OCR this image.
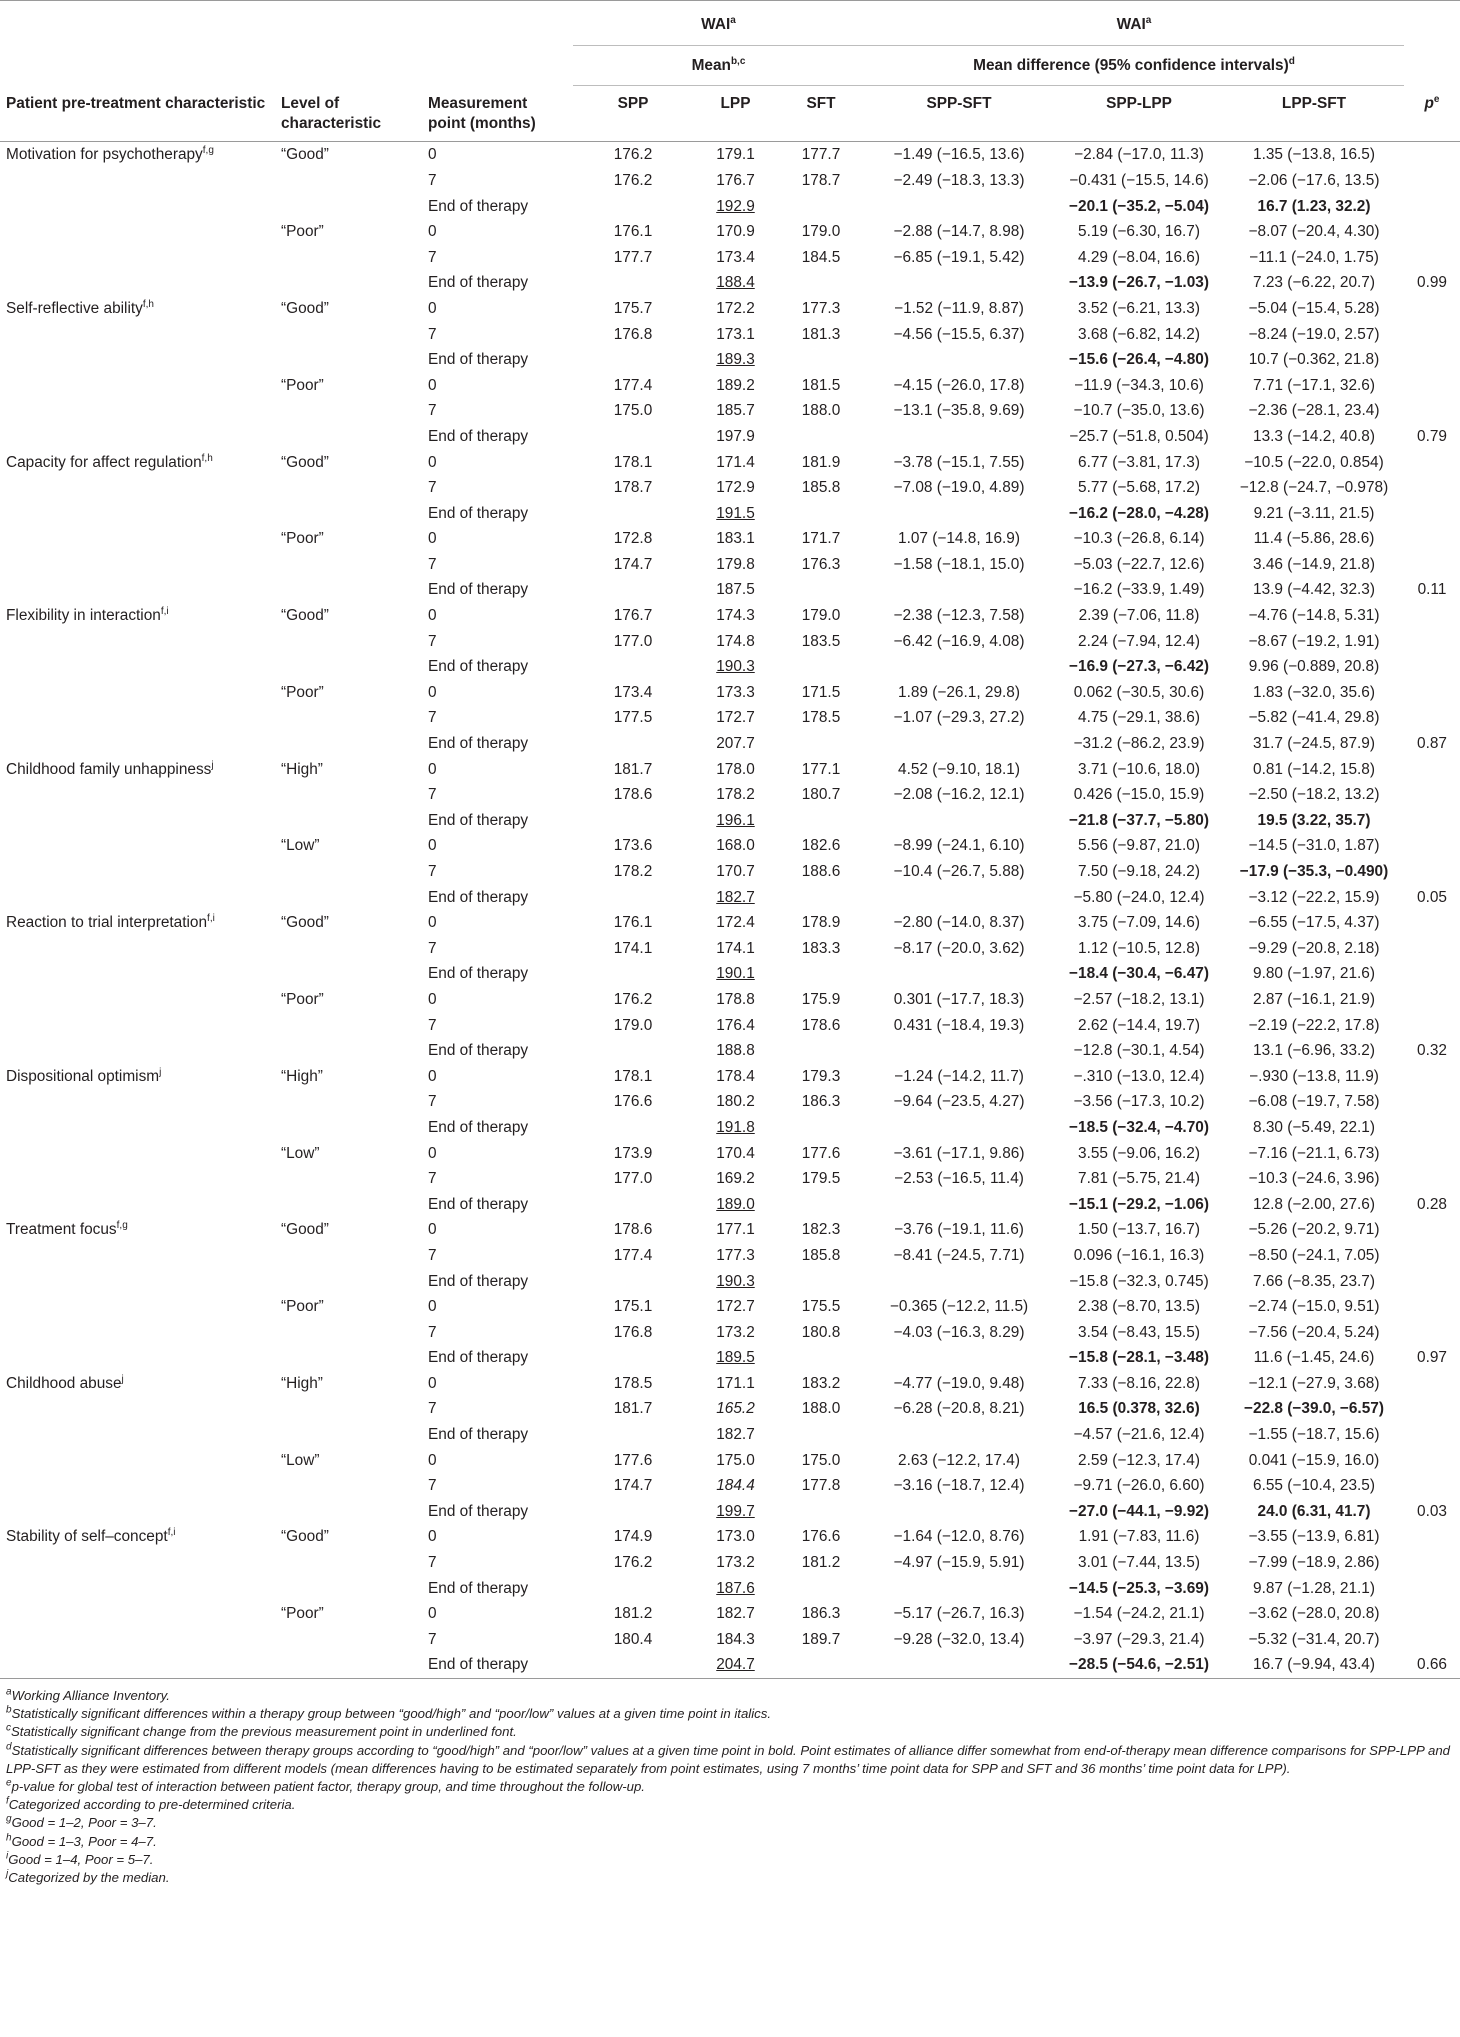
			WAI$^a$			WAI$^a$

			Mean$^{b,c}$			Mean difference (95% confidence intervals)$^d$

Patient pre-treatment characteristic	Level of characteristic	Measurement point (months)	SPP	LPP	SFT	SPP-SFT	SPP-LPP	LPP-SFT	$p^e$
Motivation for psychotherapy$^{f,g}$	“Good”	0	176.2	179.1	177.7	−1.49 (−16.5, 13.6)	−2.84 (−17.0, 11.3)	1.35 (−13.8, 16.5)	
		7	176.2	176.7	178.7	−2.49 (−18.3, 13.3)	−0.431 (−15.5, 14.6)	−2.06 (−17.6, 13.5)	
		End of therapy		192.9			−20.1 (−35.2, −5.04)	16.7 (1.23, 32.2)	
	“Poor”	0	176.1	170.9	179.0	−2.88 (−14.7, 8.98)	5.19 (−6.30, 16.7)	−8.07 (−20.4, 4.30)	
		7	177.7	173.4	184.5	−6.85 (−19.1, 5.42)	4.29 (−8.04, 16.6)	−11.1 (−24.0, 1.75)	
		End of therapy		188.4			−13.9 (−26.7, −1.03)	7.23 (−6.22, 20.7)	0.99
Self-reflective ability$^{f,h}$	“Good”	0	175.7	172.2	177.3	−1.52 (−11.9, 8.87)	3.52 (−6.21, 13.3)	−5.04 (−15.4, 5.28)	
		7	176.8	173.1	181.3	−4.56 (−15.5, 6.37)	3.68 (−6.82, 14.2)	−8.24 (−19.0, 2.57)	
		End of therapy		189.3			−15.6 (−26.4, −4.80)	10.7 (−0.362, 21.8)	
	“Poor”	0	177.4	189.2	181.5	−4.15 (−26.0, 17.8)	−11.9 (−34.3, 10.6)	7.71 (−17.1, 32.6)	
		7	175.0	185.7	188.0	−13.1 (−35.8, 9.69)	−10.7 (−35.0, 13.6)	−2.36 (−28.1, 23.4)	
		End of therapy		197.9			−25.7 (−51.8, 0.504)	13.3 (−14.2, 40.8)	0.79
Capacity for affect regulation$^{f,h}$	“Good”	0	178.1	171.4	181.9	−3.78 (−15.1, 7.55)	6.77 (−3.81, 17.3)	−10.5 (−22.0, 0.854)	
		7	178.7	172.9	185.8	−7.08 (−19.0, 4.89)	5.77 (−5.68, 17.2)	−12.8 (−24.7, −0.978)	
		End of therapy		191.5			−16.2 (−28.0, −4.28)	9.21 (−3.11, 21.5)	
	“Poor”	0	172.8	183.1	171.7	1.07 (−14.8, 16.9)	−10.3 (−26.8, 6.14)	11.4 (−5.86, 28.6)	
		7	174.7	179.8	176.3	−1.58 (−18.1, 15.0)	−5.03 (−22.7, 12.6)	3.46 (−14.9, 21.8)	
		End of therapy		187.5			−16.2 (−33.9, 1.49)	13.9 (−4.42, 32.3)	0.11
Flexibility in interaction$^{f,i}$	“Good”	0	176.7	174.3	179.0	−2.38 (−12.3, 7.58)	2.39 (−7.06, 11.8)	−4.76 (−14.8, 5.31)	
		7	177.0	174.8	183.5	−6.42 (−16.9, 4.08)	2.24 (−7.94, 12.4)	−8.67 (−19.2, 1.91)	
		End of therapy		190.3			−16.9 (−27.3, −6.42)	9.96 (−0.889, 20.8)	
	“Poor”	0	173.4	173.3	171.5	1.89 (−26.1, 29.8)	0.062 (−30.5, 30.6)	1.83 (−32.0, 35.6)	
		7	177.5	172.7	178.5	−1.07 (−29.3, 27.2)	4.75 (−29.1, 38.6)	−5.82 (−41.4, 29.8)	
		End of therapy		207.7			−31.2 (−86.2, 23.9)	31.7 (−24.5, 87.9)	0.87
Childhood family unhappiness$^j$	“High”	0	181.7	178.0	177.1	4.52 (−9.10, 18.1)	3.71 (−10.6, 18.0)	0.81 (−14.2, 15.8)	
		7	178.6	178.2	180.7	−2.08 (−16.2, 12.1)	0.426 (−15.0, 15.9)	−2.50 (−18.2, 13.2)	
		End of therapy		196.1			−21.8 (−37.7, −5.80)	19.5 (3.22, 35.7)	
	“Low”	0	173.6	168.0	182.6	−8.99 (−24.1, 6.10)	5.56 (−9.87, 21.0)	−14.5 (−31.0, 1.87)	
		7	178.2	170.7	188.6	−10.4 (−26.7, 5.88)	7.50 (−9.18, 24.2)	−17.9 (−35.3, −0.490)	
		End of therapy		182.7			−5.80 (−24.0, 12.4)	−3.12 (−22.2, 15.9)	0.05
Reaction to trial interpretation$^{f,i}$	“Good”	0	176.1	172.4	178.9	−2.80 (−14.0, 8.37)	3.75 (−7.09, 14.6)	−6.55 (−17.5, 4.37)	
		7	174.1	174.1	183.3	−8.17 (−20.0, 3.62)	1.12 (−10.5, 12.8)	−9.29 (−20.8, 2.18)	
		End of therapy		190.1			−18.4 (−30.4, −6.47)	9.80 (−1.97, 21.6)	
	“Poor”	0	176.2	178.8	175.9	0.301 (−17.7, 18.3)	−2.57 (−18.2, 13.1)	2.87 (−16.1, 21.9)	
		7	179.0	176.4	178.6	0.431 (−18.4, 19.3)	2.62 (−14.4, 19.7)	−2.19 (−22.2, 17.8)	
		End of therapy		188.8			−12.8 (−30.1, 4.54)	13.1 (−6.96, 33.2)	0.32
Dispositional optimism$^j$	“High”	0	178.1	178.4	179.3	−1.24 (−14.2, 11.7)	−.310 (−13.0, 12.4)	−.930 (−13.8, 11.9)	
		7	176.6	180.2	186.3	−9.64 (−23.5, 4.27)	−3.56 (−17.3, 10.2)	−6.08 (−19.7, 7.58)	
		End of therapy		191.8			−18.5 (−32.4, −4.70)	8.30 (−5.49, 22.1)	
	“Low”	0	173.9	170.4	177.6	−3.61 (−17.1, 9.86)	3.55 (−9.06, 16.2)	−7.16 (−21.1, 6.73)	
		7	177.0	169.2	179.5	−2.53 (−16.5, 11.4)	7.81 (−5.75, 21.4)	−10.3 (−24.6, 3.96)	
		End of therapy		189.0			−15.1 (−29.2, −1.06)	12.8 (−2.00, 27.6)	0.28
Treatment focus$^{f,g}$	“Good”	0	178.6	177.1	182.3	−3.76 (−19.1, 11.6)	1.50 (−13.7, 16.7)	−5.26 (−20.2, 9.71)	
		7	177.4	177.3	185.8	−8.41 (−24.5, 7.71)	0.096 (−16.1, 16.3)	−8.50 (−24.1, 7.05)	
		End of therapy		190.3			−15.8 (−32.3, 0.745)	7.66 (−8.35, 23.7)	
	“Poor”	0	175.1	172.7	175.5	−0.365 (−12.2, 11.5)	2.38 (−8.70, 13.5)	−2.74 (−15.0, 9.51)	
		7	176.8	173.2	180.8	−4.03 (−16.3, 8.29)	3.54 (−8.43, 15.5)	−7.56 (−20.4, 5.24)	
		End of therapy		189.5			−15.8 (−28.1, −3.48)	11.6 (−1.45, 24.6)	0.97
Childhood abuse$^j$	“High”	0	178.5	171.1	183.2	−4.77 (−19.0, 9.48)	7.33 (−8.16, 22.8)	−12.1 (−27.9, 3.68)	
		7	181.7	165.2	188.0	−6.28 (−20.8, 8.21)	16.5 (0.378, 32.6)	−22.8 (−39.0, −6.57)	
		End of therapy		182.7			−4.57 (−21.6, 12.4)	−1.55 (−18.7, 15.6)	
	“Low”	0	177.6	175.0	175.0	2.63 (−12.2, 17.4)	2.59 (−12.3, 17.4)	0.041 (−15.9, 16.0)	
		7	174.7	184.4	177.8	−3.16 (−18.7, 12.4)	−9.71 (−26.0, 6.60)	6.55 (−10.4, 23.5)	
		End of therapy		199.7			−27.0 (−44.1, −9.92)	24.0 (6.31, 41.7)	0.03
Stability of self–concept$^{f,i}$	“Good”	0	174.9	173.0	176.6	−1.64 (−12.0, 8.76)	1.91 (−7.83, 11.6)	−3.55 (−13.9, 6.81)	
		7	176.2	173.2	181.2	−4.97 (−15.9, 5.91)	3.01 (−7.44, 13.5)	−7.99 (−18.9, 2.86)	
		End of therapy		187.6			−14.5 (−25.3, −3.69)	9.87 (−1.28, 21.1)	
	“Poor”	0	181.2	182.7	186.3	−5.17 (−26.7, 16.3)	−1.54 (−24.2, 21.1)	−3.62 (−28.0, 20.8)	
		7	180.4	184.3	189.7	−9.28 (−32.0, 13.4)	−3.97 (−29.3, 21.4)	−5.32 (−31.4, 20.7)	
		End of therapy		204.7			−28.5 (−54.6, −2.51)	16.7 (−9.94, 43.4)	0.66

$^a$Working Alliance Inventory.

$^b$Statistically significant differences within a therapy group between “good/high” and “poor/low” values at a given time point in italics.

$^c$Statistically significant change from the previous measurement point in underlined font.

$^d$Statistically significant differences between therapy groups according to “good/high” and “poor/low” values at a given time point in bold. Point estimates of alliance differ somewhat from end-of-therapy mean difference comparisons for SPP-LPP and LPP-SFT as they were estimated from different models (mean differences having to be estimated separately from point estimates, using 7 months’ time point data for SPP and SFT and 36 months’ time point data for LPP).

$^e$p-value for global test of interaction between patient factor, therapy group, and time throughout the follow-up.

$^f$Categorized according to pre-determined criteria.

$^g$Good = 1–2, Poor = 3–7.

$^h$Good = 1–3, Poor = 4–7.

$^i$Good = 1–4, Poor = 5–7.

$^j$Categorized by the median.
